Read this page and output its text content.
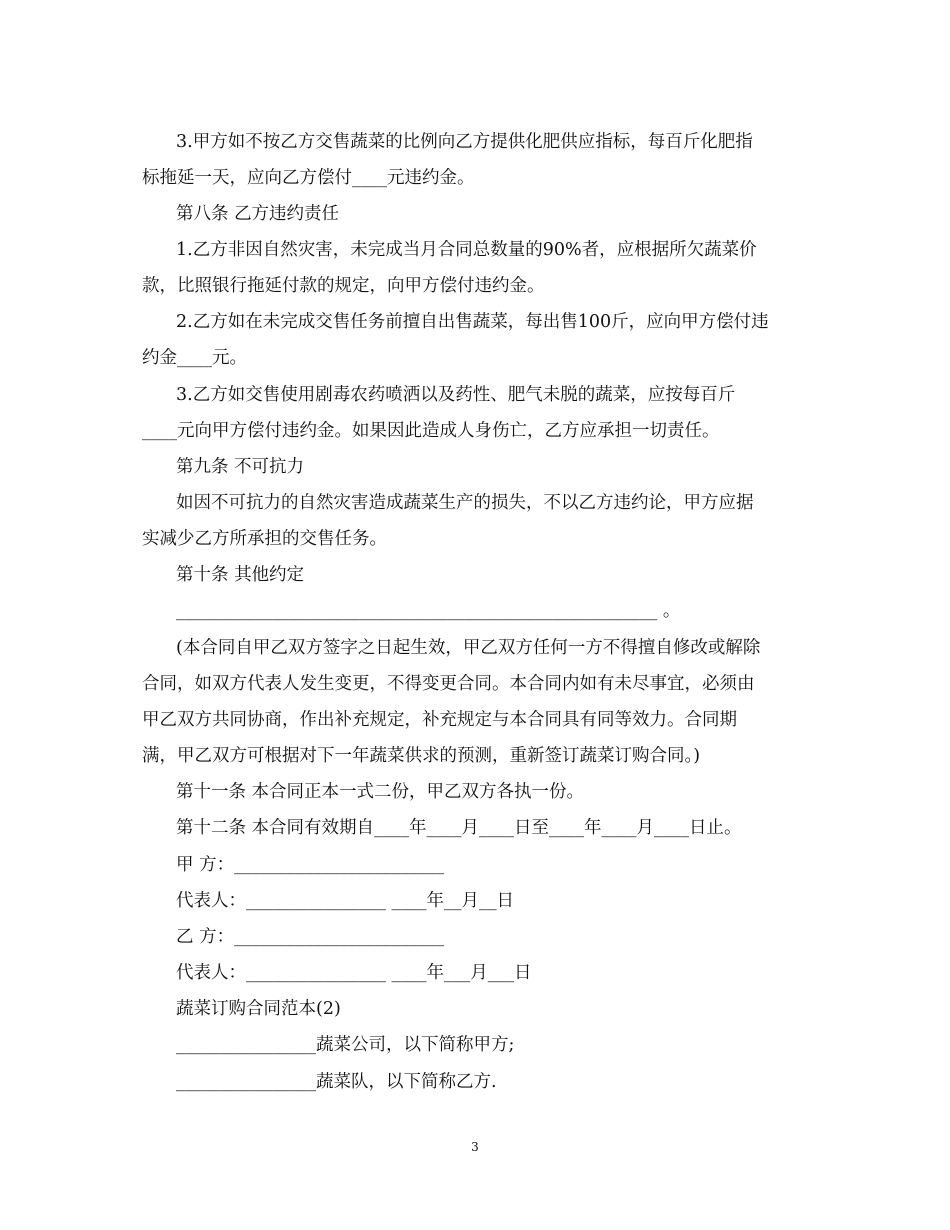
3.甲方如不按乙方交售蔬菜的比例向乙方提供化肥供应指标，每百斤化肥指
标拖延一天，应向乙方偿付____元违约金。
第八条 乙方违约责任
1.乙方非因自然灾害，未完成当月合同总数量的90%者，应根据所欠蔬菜价
款，比照银行拖延付款的规定，向甲方偿付违约金。
2.乙方如在未完成交售任务前擅自出售蔬菜，每出售100斤，应向甲方偿付违
约金____元。
3.乙方如交售使用剧毒农药喷洒以及药性、肥气未脱的蔬菜，应按每百斤
____元向甲方偿付违约金。如果因此造成人身伤亡，乙方应承担一切责任。
第九条 不可抗力
如因不可抗力的自然灾害造成蔬菜生产的损失，不以乙方违约论，甲方应据
实减少乙方所承担的交售任务。
第十条 其他约定
_______________________________________________________ 。
(本合同自甲乙双方签字之日起生效，甲乙双方任何一方不得擅自修改或解除
合同，如双方代表人发生变更，不得变更合同。本合同内如有未尽事宜，必须由
甲乙双方共同协商，作出补充规定，补充规定与本合同具有同等效力。合同期
满，甲乙双方可根据对下一年蔬菜供求的预测，重新签订蔬菜订购合同。)
第十一条 本合同正本一式二份，甲乙双方各执一份。
第十二条 本合同有效期自____年____月____日至____年____月____日止。
甲 方：________________________
代表人：________________ ____年__月__日
乙 方：________________________
代表人：________________ ____年___月___日
蔬菜订购合同范本(2)
________________蔬菜公司，以下简称甲方;
________________蔬菜队，以下简称乙方.
3
